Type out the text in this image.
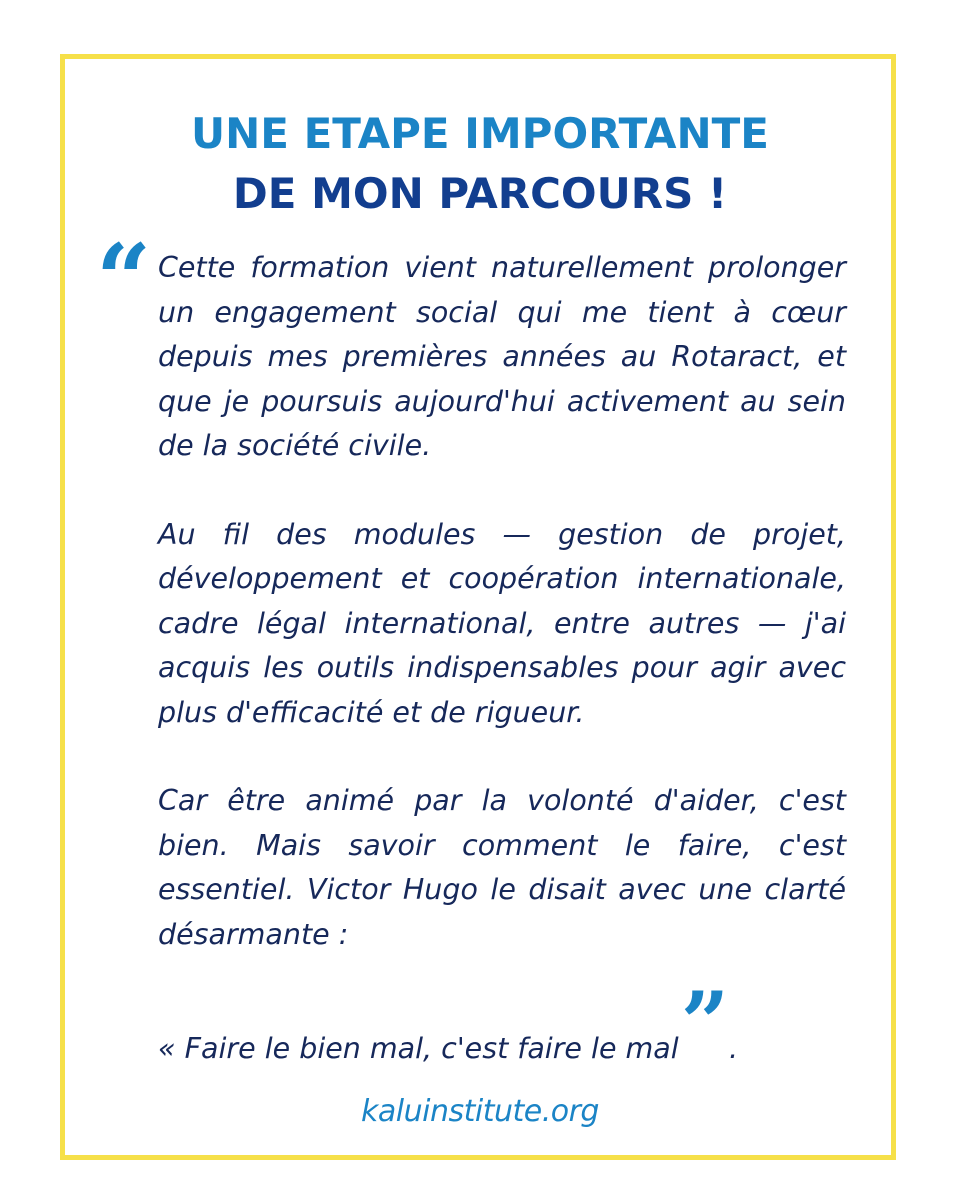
UNE ETAPE IMPORTANTE
DE MON PARCOURS !
“ Cette formation vient naturellement prolonger un engagement social qui me tient à cœur depuis mes premières années au Rotaract, et que je poursuis aujourd'hui activement au sein de la société civile.

Au fil des modules — gestion de projet, développement et coopération internationale, cadre légal international, entre autres — j'ai acquis les outils indispensables pour agir avec plus d'efficacité et de rigueur.

Car être animé par la volonté d'aider, c'est bien. Mais savoir comment le faire, c'est essentiel. Victor Hugo le disait avec une clarté désarmante :

« Faire le bien mal, c'est faire le mal”.
kaluinstitute.org
